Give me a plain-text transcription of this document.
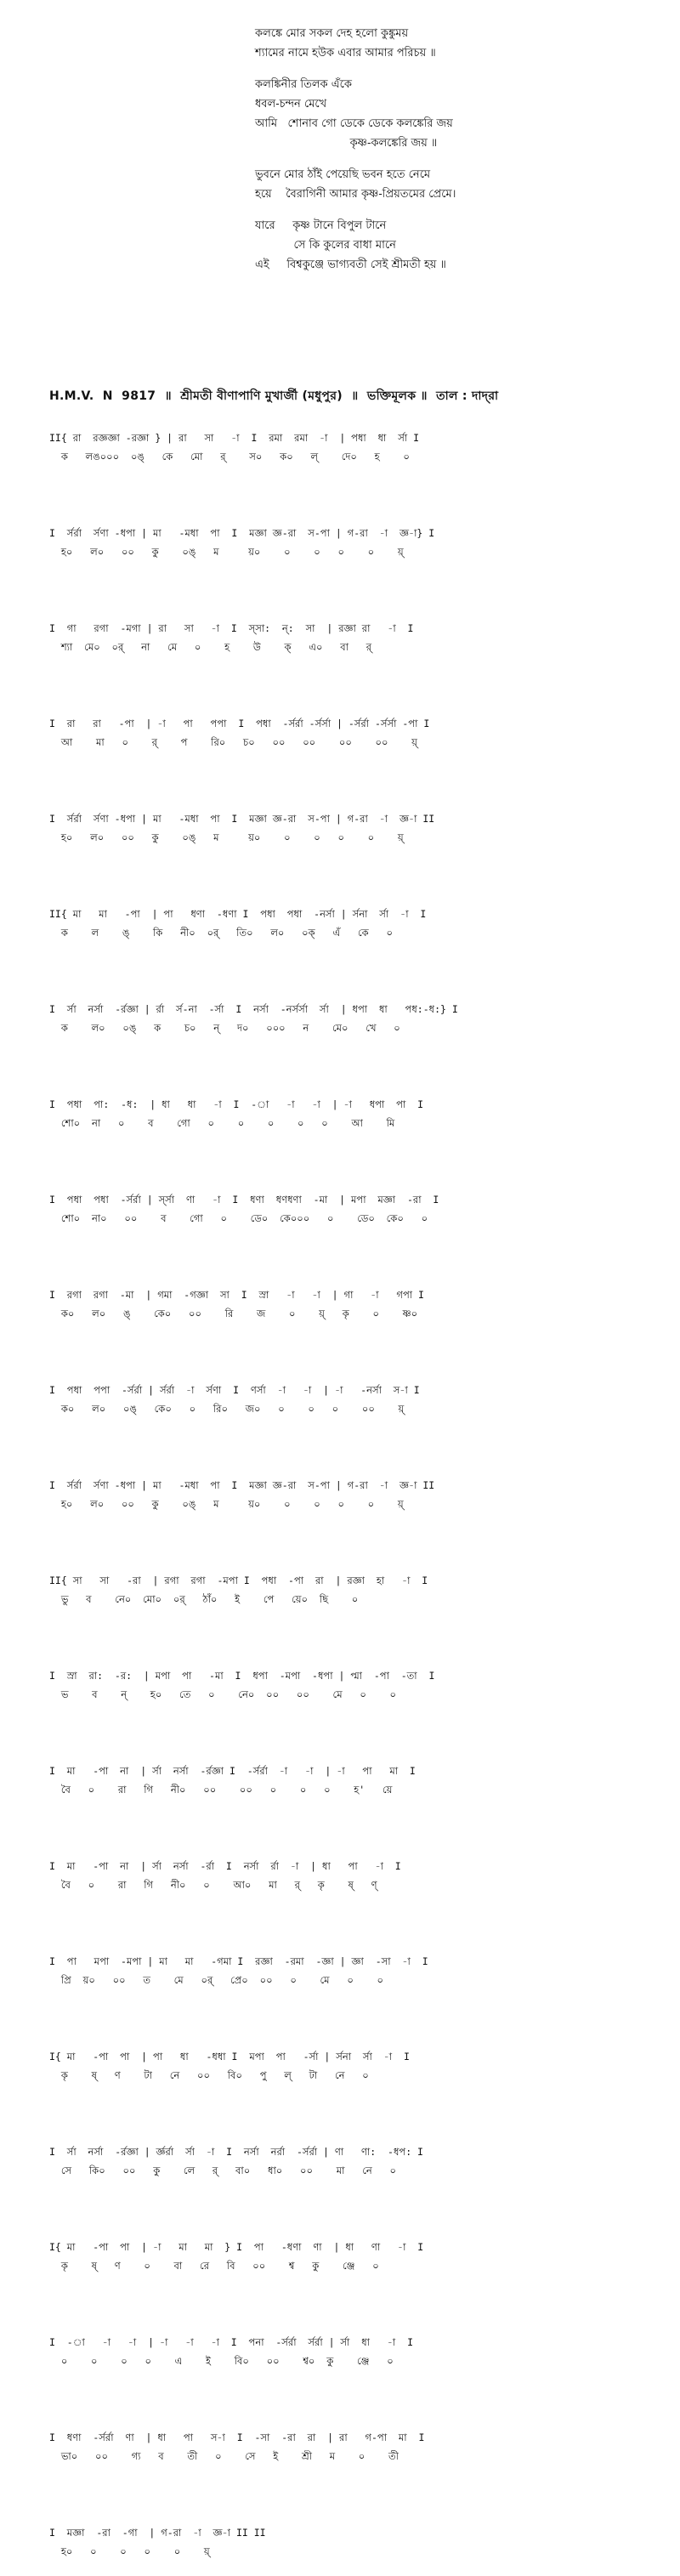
কলঙ্কে মোর সকল দেহ হলো কুঙ্কুময়
শ্যামের নামে হউক এবার আমার পরিচয় ॥
কলঙ্কিনীর তিলক এঁকে
ধবল-চন্দন মেখে
আমি   শোনাব গো ডেকে ডেকে কলঙ্কেরি জয়
কৃষ্ণ-কলঙ্কেরি জয় ॥
ভুবনে মোর ঠাঁই পেয়েছি ভবন হতে নেমে
হয়ে    বৈরাগিনী আমার কৃষ্ণ-প্রিয়তমের প্রেমে।
যারে     কৃষ্ণ টানে বিপুল টানে
সে কি কুলের বাধা মানে
এই     বিশ্বকুঞ্জে ভাগ্যবতী সেই শ্রীমতী হয় ॥
H.M.V.  N  9817  ॥  শ্রীমতী বীণাপাণি মুখার্জী (মধুপুর)  ॥  ভক্তিমূলক ॥  তাল : দাদ্‌রা
II{ রা  রজ্ঞজ্ঞা -রজ্ঞা } | রা   সা   -া  I  রমা  রমা  -া  | পধা  ধা  র্সা I
ক   লঙ০০০  ০ঙ্‌   কে   মো   র্‌    স০   ক০   ল্‌    দে০   হ    ০
I  র্সর্রা  র্সণা -ধপা | মা   -মধা  পা  I  মজ্ঞা জ্ঞ-রা  স-পা | গ-রা  -া  জ্ঞ-া} I
হ০   ল০   ০০   কু    ০ঙ্‌   ম     য়০    ০    ০   ০    ০    য়্‌
I  গা   রগা  -মগা | রা   সা   -া  I  স্সা:  ন্‌:  সা  | রজ্ঞা রা   -া  I
শ্যা  মে০  ০র্‌   না   মে   ০    হ    উ    ক্‌   এ০   বা   র্‌
I  রা   রা   -পা  | -া   পা   পপা  I  পধা  -র্সর্রা -র্সর্সা | -র্সর্রা -র্সর্সা -পা I
আ    মা   ০    র্‌    প    রি০   চ০   ০০   ০০    ০০    ০০    য়্‌
I  র্সর্রা  র্সণা -ধপা | মা   -মধা  পা  I  মজ্ঞা জ্ঞ-রা  স-পা | গ-রা  -া  জ্ঞ-া II
হ০   ল০   ০০   কু    ০ঙ্‌   ম     য়০    ০    ০   ০    ০    য়্‌
II{ মা   মা   -পা  | পা   ধণা  -ধণা I  পধা  পধা  -নর্সা | র্সনা  র্সা  -া  I
ক    ল    ঙ্‌    কি   নী০  ০র্‌   তি০   ল০   ০ক্‌   এঁ   কে   ০
I  র্সা  নর্সা  -র্রজ্ঞা | র্রা  র্স-না  -র্সা  I  নর্সা  -নর্সর্সা  র্সা  | ধপা  ধা   পধ:-ধ:} I
ক    ল০   ০ঙ্‌   ক    চ০   ন্‌   দ০   ০০০   ন    মে০   খে   ০
I  পধা  পা:  -ধ:  | ধা   ধা   -া  I  -া   -া   -া  | -া   ধপা  পা  I
শো০  না   ০    ব    গো   ০    ০    ০    ০   ০    আ    মি
I  পধা  পধা  -র্সর্রা | র্স্সা  ণা   -া  I  ধণা  ধণধণা  -মা  | মপা  মজ্ঞা  -রা  I
শো০  না০   ০০    ব    গো   ০    ডে০  কে০০০   ০    ডে০  কে০   ০
I  রগা  রগা  -মা  | গমা  -গজ্ঞা  সা  I  স্রা   -া   -া  | গা   -া   গপা I
ক০   ল০   ঙ্‌    কে০   ০০    রি    জ    ০    য়্‌   কৃ    ০    ষ্ণ০
I  পধা  পপা  -র্সর্রা | র্সর্রা  -া  র্সণা  I  ণর্সা  -া   -া  | -া   -নর্সা  স-া I
ক০   ল০   ০ঙ্‌   কে০   ০   রি০   জ০   ০    ০   ০    ০০    য়্‌
I  র্সর্রা  র্সণা -ধপা | মা   -মধা  পা  I  মজ্ঞা জ্ঞ-রা  স-পা | গ-রা  -া  জ্ঞ-া II
হ০   ল০   ০০   কু    ০ঙ্‌   ম     য়০    ০    ০   ০    ০    য়্‌
II{ সা   সা   -রা  | রগা  রগা  -মপা I  পধা  -পা  রা  | রজ্ঞা  হা   -া  I
ভু   ব    নে০  মো০  ০র্‌   ঠাঁ০   ই    পে   য়ে০  ছি    ০
I  স্রা  রা:  -র:  | মপা  পা   -মা  I  ধপা  -মপা  -ধপা | প্মা  -পা  -তা  I
ভ    ব    ন্‌    হ০   তে   ০    নে০  ০০   ০০    মে   ০    ০
I  মা   -পা  না  | র্সা  নর্সা  -র্রজ্ঞা I  -র্সর্রা  -া   -া  | -া   পা   মা  I
বৈ   ০    রা   গি   নী০   ০০    ০০   ০    ০   ০    হ'   য়ে
I  মা   -পা  না  | র্সা  নর্সা  -র্রা  I  নর্সা  র্রা  -া  | ধা   পা   -া  I
বৈ   ০    রা   গি   নী০   ০    আ০   মা   র্‌   কৃ    ষ্‌   ণ্‌
I  পা   মপা  -মপা | মা   মা   -গমা I  রজ্ঞা  -রমা  -জ্ঞা | জ্ঞা  -সা  -া  I
প্রি  য়০   ০০   ত    মে   ০র্‌   প্রে০  ০০   ০    মে   ০    ০
I{ মা   -পা  পা  | পা   ধা   -ধধা I  মপা  পা   -র্সা | র্সনা  র্সা  -া  I
কৃ    ষ্‌   ণ    টা   নে   ০০   বি০   পু   ল্‌   টা   নে   ০
I  র্সা  নর্সা  -র্রজ্ঞা | র্জ্ঞর্রা  র্সা  -া  I  নর্সা  নর্রা  -র্সর্রা | ণা   ণা:  -ধপ: I
সে   কি০   ০০   কু    লে   র্‌   বা০   ধা০   ০০    মা   নে   ০
I{ মা   -পা  পা  | -া   মা   মা  } I  পা   -ধণা  ণা  | ধা   ণা   -া  I
কৃ    ষ্‌   ণ    ০    বা   রে   বি   ০০    শ্ব   কু    ঞ্জে   ০
I  -া   -া   -া  | -া   -া   -া  I  পনা  -র্সর্রা  র্সর্রা | র্সা  ধা   -া  I
০    ০    ০   ০    এ    ই    বি০   ০০    শ্ব০  কু    ঞ্জে   ০
I  ধণা  -র্সর্রা  ণা  | ধা   পা   স-া  I  -সা  -রা  রা  | রা   গ-পা  মা  I
ভা০   ০০    গ্য   ব    তী   ০    সে   ই    শ্রী   ম    ০    তী
I  মজ্ঞা  -রা  -গা  | গ-রা  -া  জ্ঞ-া II II
হ০   ০    ০   ০    ০    য়্‌
